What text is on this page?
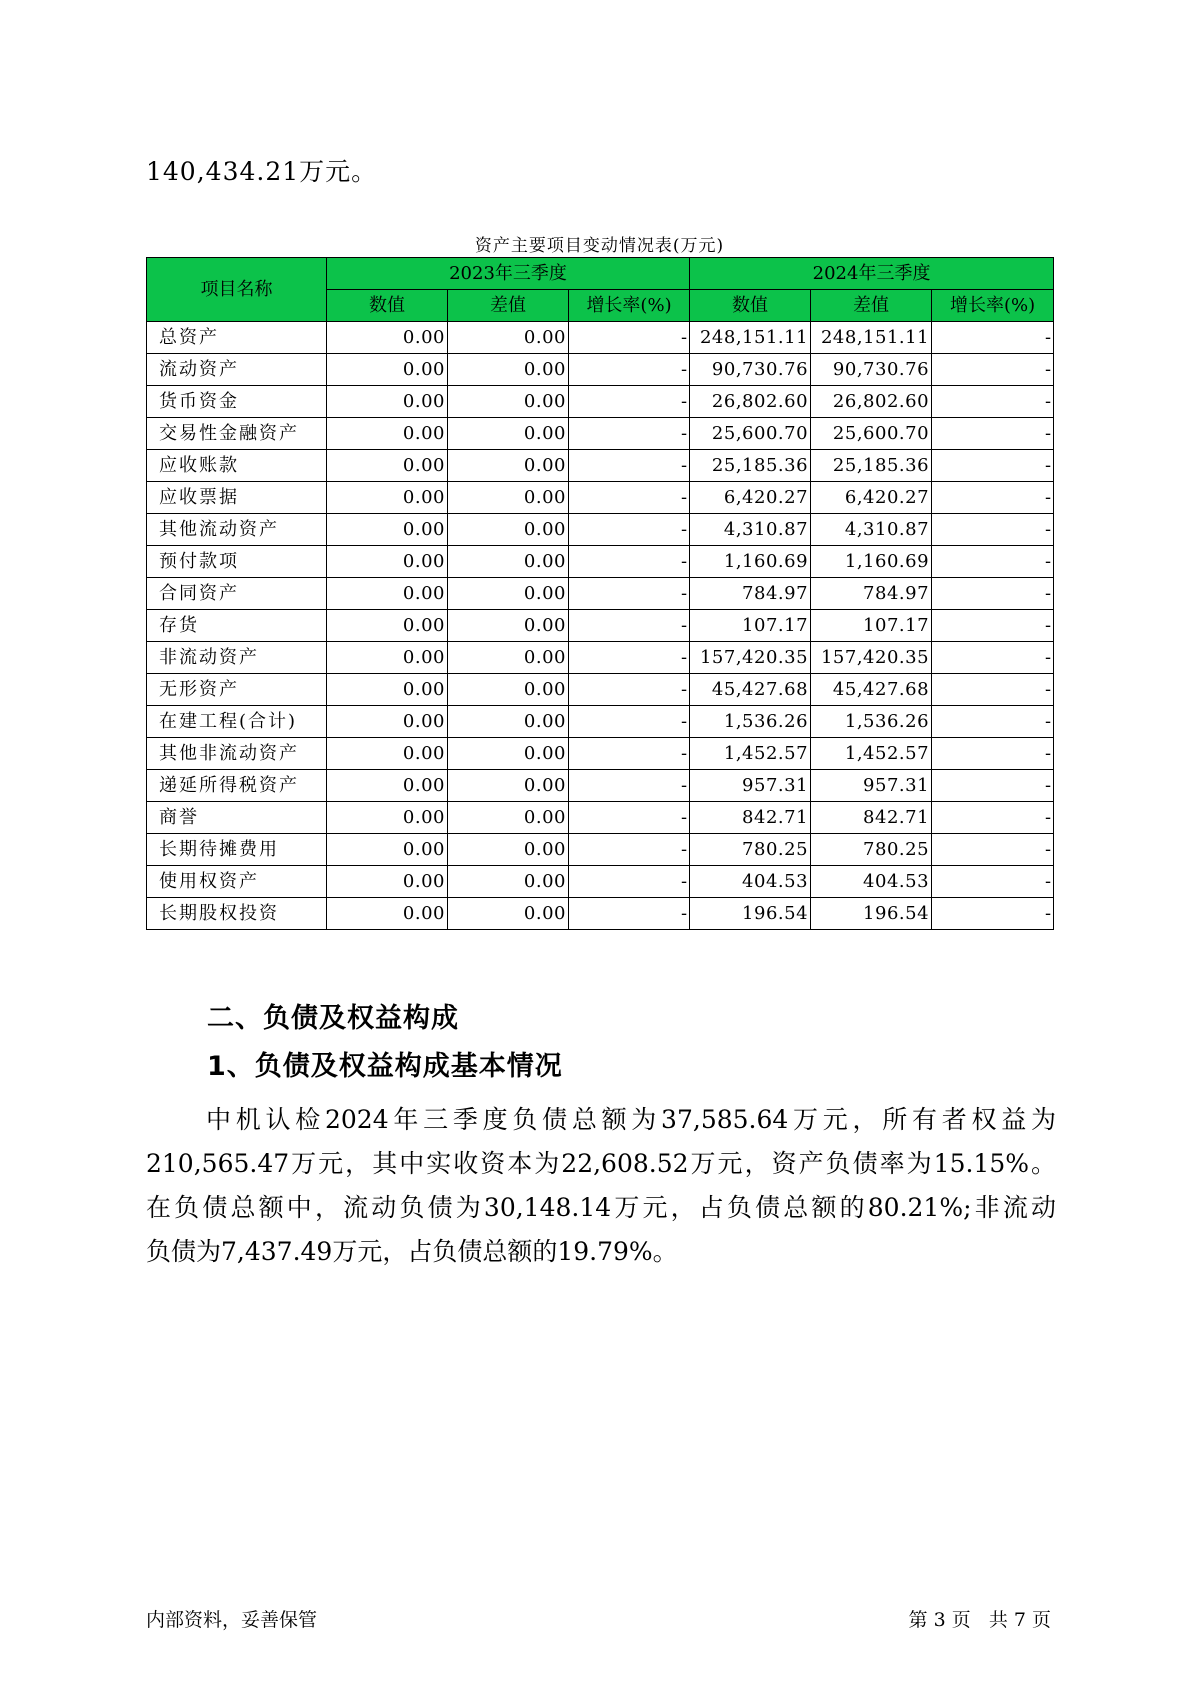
140,434.21万元。

资产主要项目变动情况表(万元)

项目名称	2023年三季度			2024年三季度		
	数值	差值	增长率(%)	数值	差值	增长率(%)
总资产	0.00	0.00	-	248,151.11	248,151.11	-
流动资产	0.00	0.00	-	90,730.76	90,730.76	-
货币资金	0.00	0.00	-	26,802.60	26,802.60	-
交易性金融资产	0.00	0.00	-	25,600.70	25,600.70	-
应收账款	0.00	0.00	-	25,185.36	25,185.36	-
应收票据	0.00	0.00	-	6,420.27	6,420.27	-
其他流动资产	0.00	0.00	-	4,310.87	4,310.87	-
预付款项	0.00	0.00	-	1,160.69	1,160.69	-
合同资产	0.00	0.00	-	784.97	784.97	-
存货	0.00	0.00	-	107.17	107.17	-
非流动资产	0.00	0.00	-	157,420.35	157,420.35	-
无形资产	0.00	0.00	-	45,427.68	45,427.68	-
在建工程(合计)	0.00	0.00	-	1,536.26	1,536.26	-
其他非流动资产	0.00	0.00	-	1,452.57	1,452.57	-
递延所得税资产	0.00	0.00	-	957.31	957.31	-
商誉	0.00	0.00	-	842.71	842.71	-
长期待摊费用	0.00	0.00	-	780.25	780.25	-
使用权资产	0.00	0.00	-	404.53	404.53	-
长期股权投资	0.00	0.00	-	196.54	196.54	-
二、负债及权益构成
1、负债及权益构成基本情况
中机认检2024年三季度负债总额为37,585.64万元，所有者权益为
210,565.47万元，其中实收资本为22,608.52万元，资产负债率为15.15%。
在负债总额中，流动负债为30,148.14万元，占负债总额的80.21%;非流动
负债为7,437.49万元，占负债总额的19.79%。

内部资料，妥善保管	第 3 页 共 7 页
